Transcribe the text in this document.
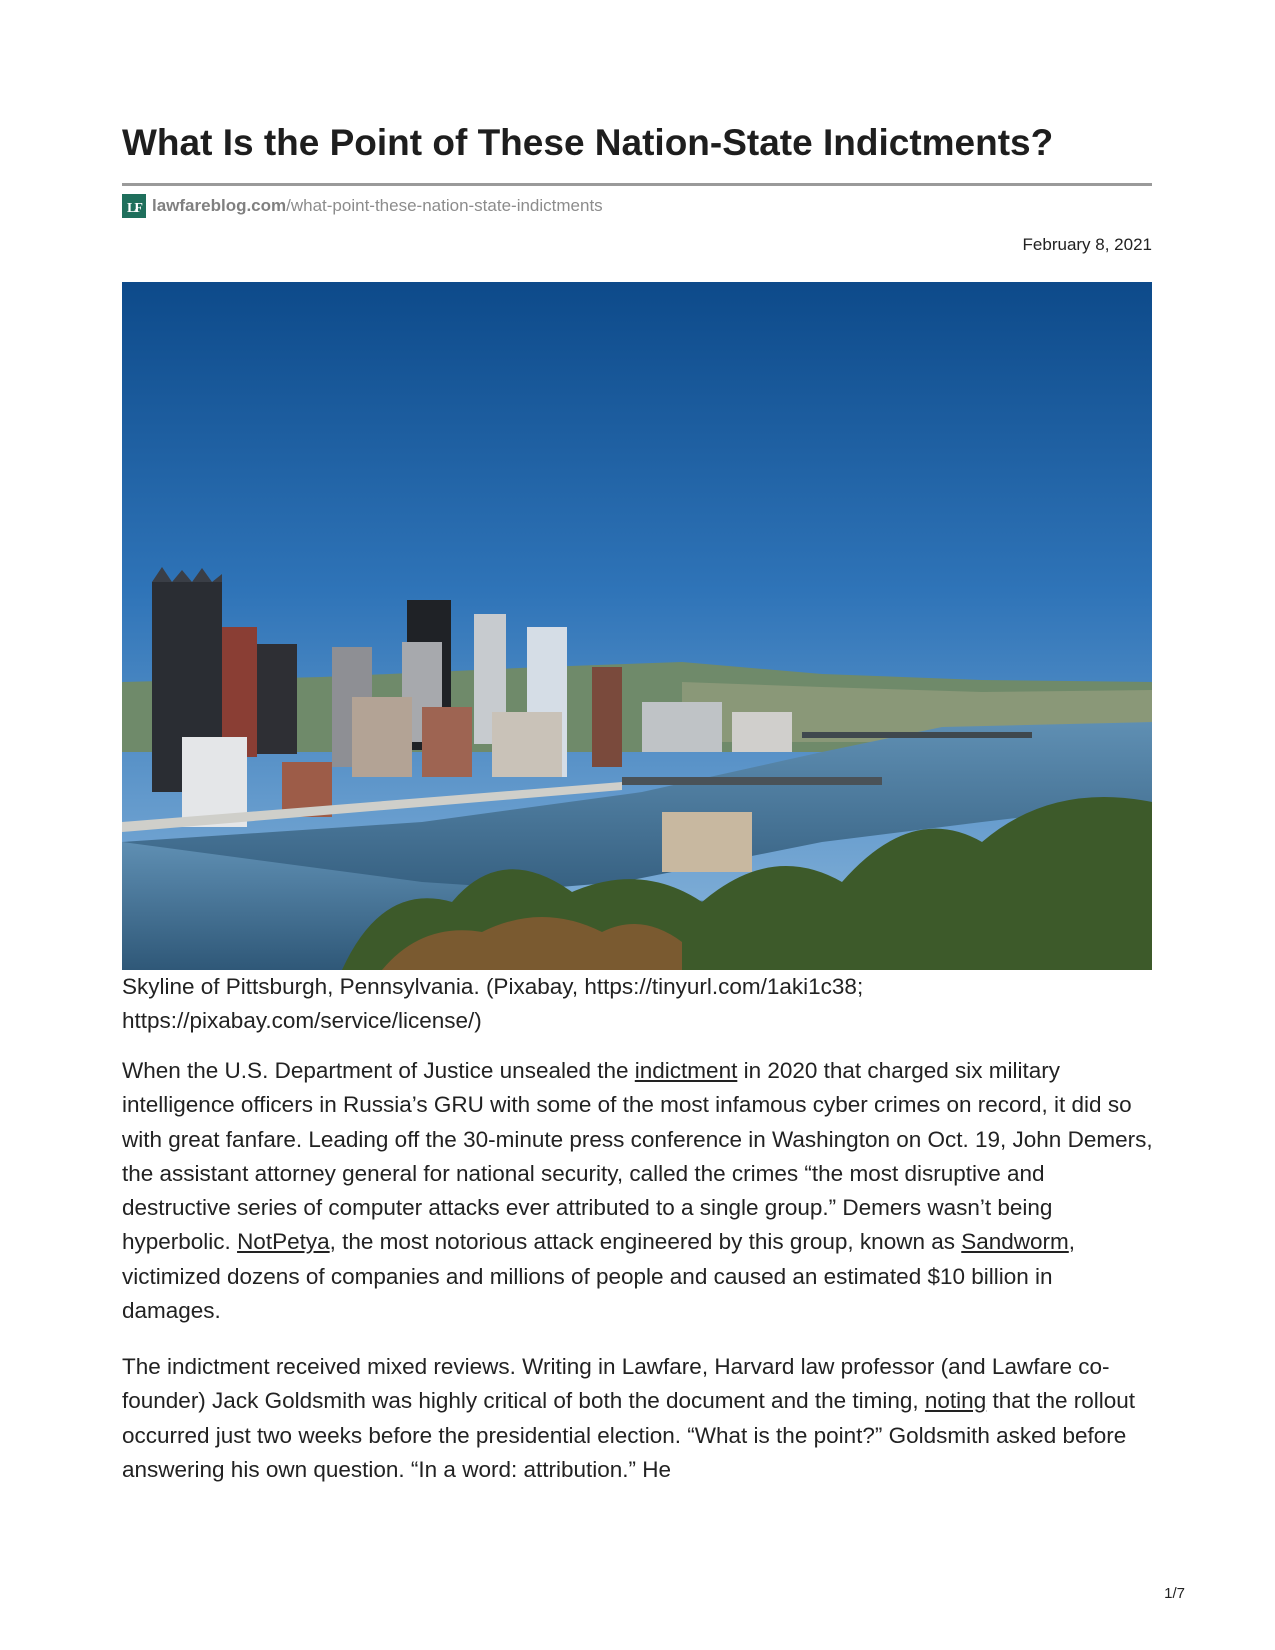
What Is the Point of These Nation-State Indictments?
LF lawfareblog.com/what-point-these-nation-state-indictments
February 8, 2021

Skyline of Pittsburgh, Pennsylvania. (Pixabay, https://tinyurl.com/1aki1c38;
https://pixabay.com/service/license/)

When the U.S. Department of Justice unsealed the indictment in 2020 that charged six military intelligence officers in Russia’s GRU with some of the most infamous cyber crimes on record, it did so with great fanfare. Leading off the 30-minute press conference in Washington on Oct. 19, John Demers, the assistant attorney general for national security, called the crimes “the most disruptive and destructive series of computer attacks ever attributed to a single group.” Demers wasn’t being hyperbolic. NotPetya, the most notorious attack engineered by this group, known as Sandworm, victimized dozens of companies and millions of people and caused an estimated $10 billion in damages.

The indictment received mixed reviews. Writing in Lawfare, Harvard law professor (and Lawfare co-founder) Jack Goldsmith was highly critical of both the document and the timing, noting that the rollout occurred just two weeks before the presidential election. “What is the point?” Goldsmith asked before answering his own question. “In a word: attribution.” He

1/7
